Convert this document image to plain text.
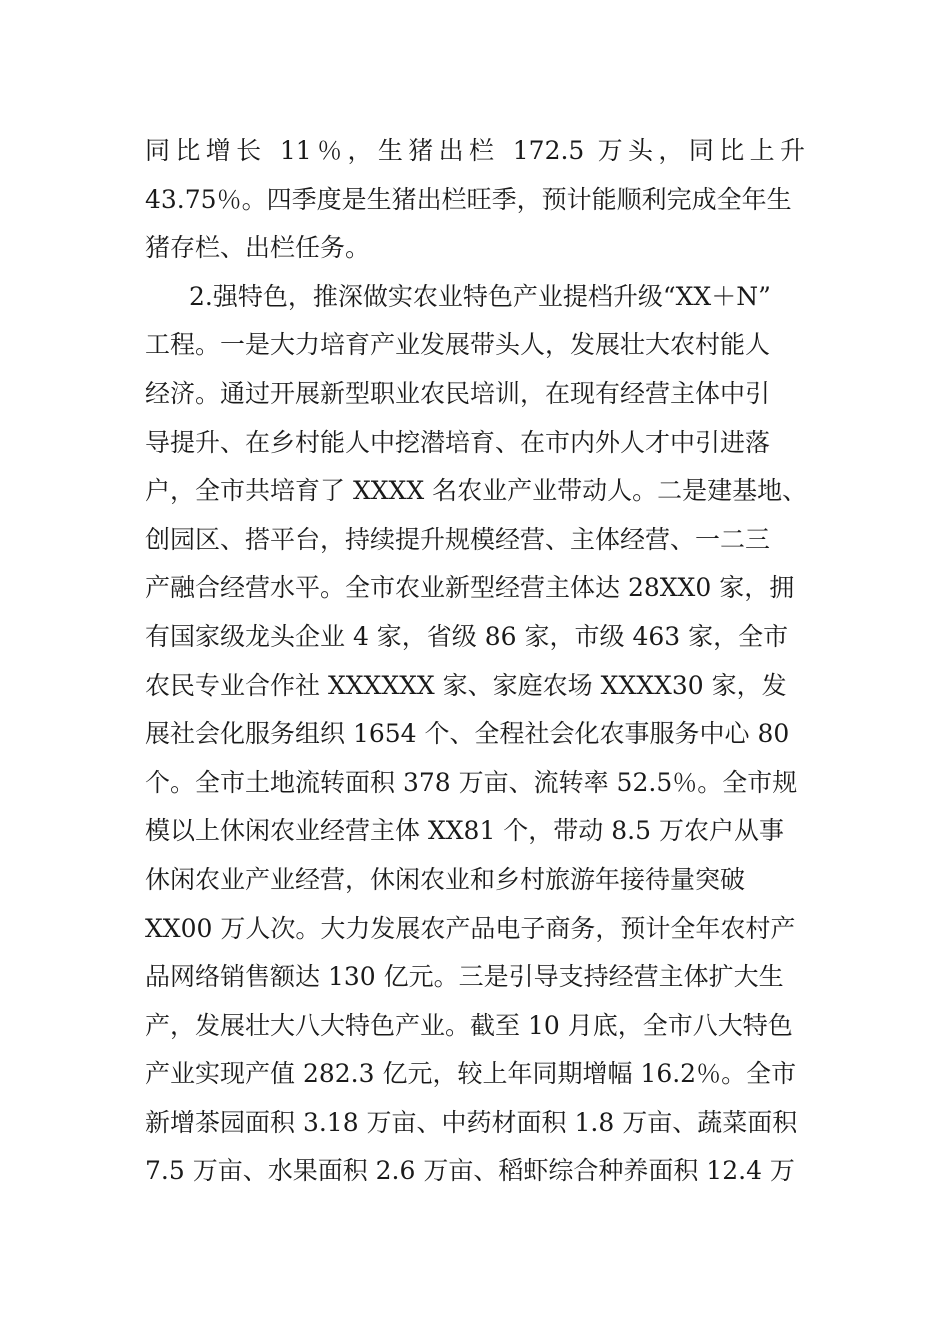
同比增长 11％，生猪出栏 172.5 万头，同比上升
43.75％。四季度是生猪出栏旺季，预计能顺利完成全年生
猪存栏、出栏任务。
2.强特色，推深做实农业特色产业提档升级“XX＋N”
工程。一是大力培育产业发展带头人，发展壮大农村能人
经济。通过开展新型职业农民培训，在现有经营主体中引
导提升、在乡村能人中挖潜培育、在市内外人才中引进落
户，全市共培育了 XXXX 名农业产业带动人。二是建基地、
创园区、搭平台，持续提升规模经营、主体经营、一二三
产融合经营水平。全市农业新型经营主体达 28XX0 家，拥
有国家级龙头企业 4 家，省级 86 家，市级 463 家，全市
农民专业合作社 XXXXXX 家、家庭农场 XXXX30 家，发
展社会化服务组织 1654 个、全程社会化农事服务中心 80
个。全市土地流转面积 378 万亩、流转率 52.5％。全市规
模以上休闲农业经营主体 XX81 个，带动 8.5 万农户从事
休闲农业产业经营，休闲农业和乡村旅游年接待量突破
XX00 万人次。大力发展农产品电子商务，预计全年农村产
品网络销售额达 130 亿元。三是引导支持经营主体扩大生
产，发展壮大八大特色产业。截至 10 月底，全市八大特色
产业实现产值 282.3 亿元，较上年同期增幅 16.2％。全市
新增茶园面积 3.18 万亩、中药材面积 1.8 万亩、蔬菜面积
7.5 万亩、水果面积 2.6 万亩、稻虾综合种养面积 12.4 万
